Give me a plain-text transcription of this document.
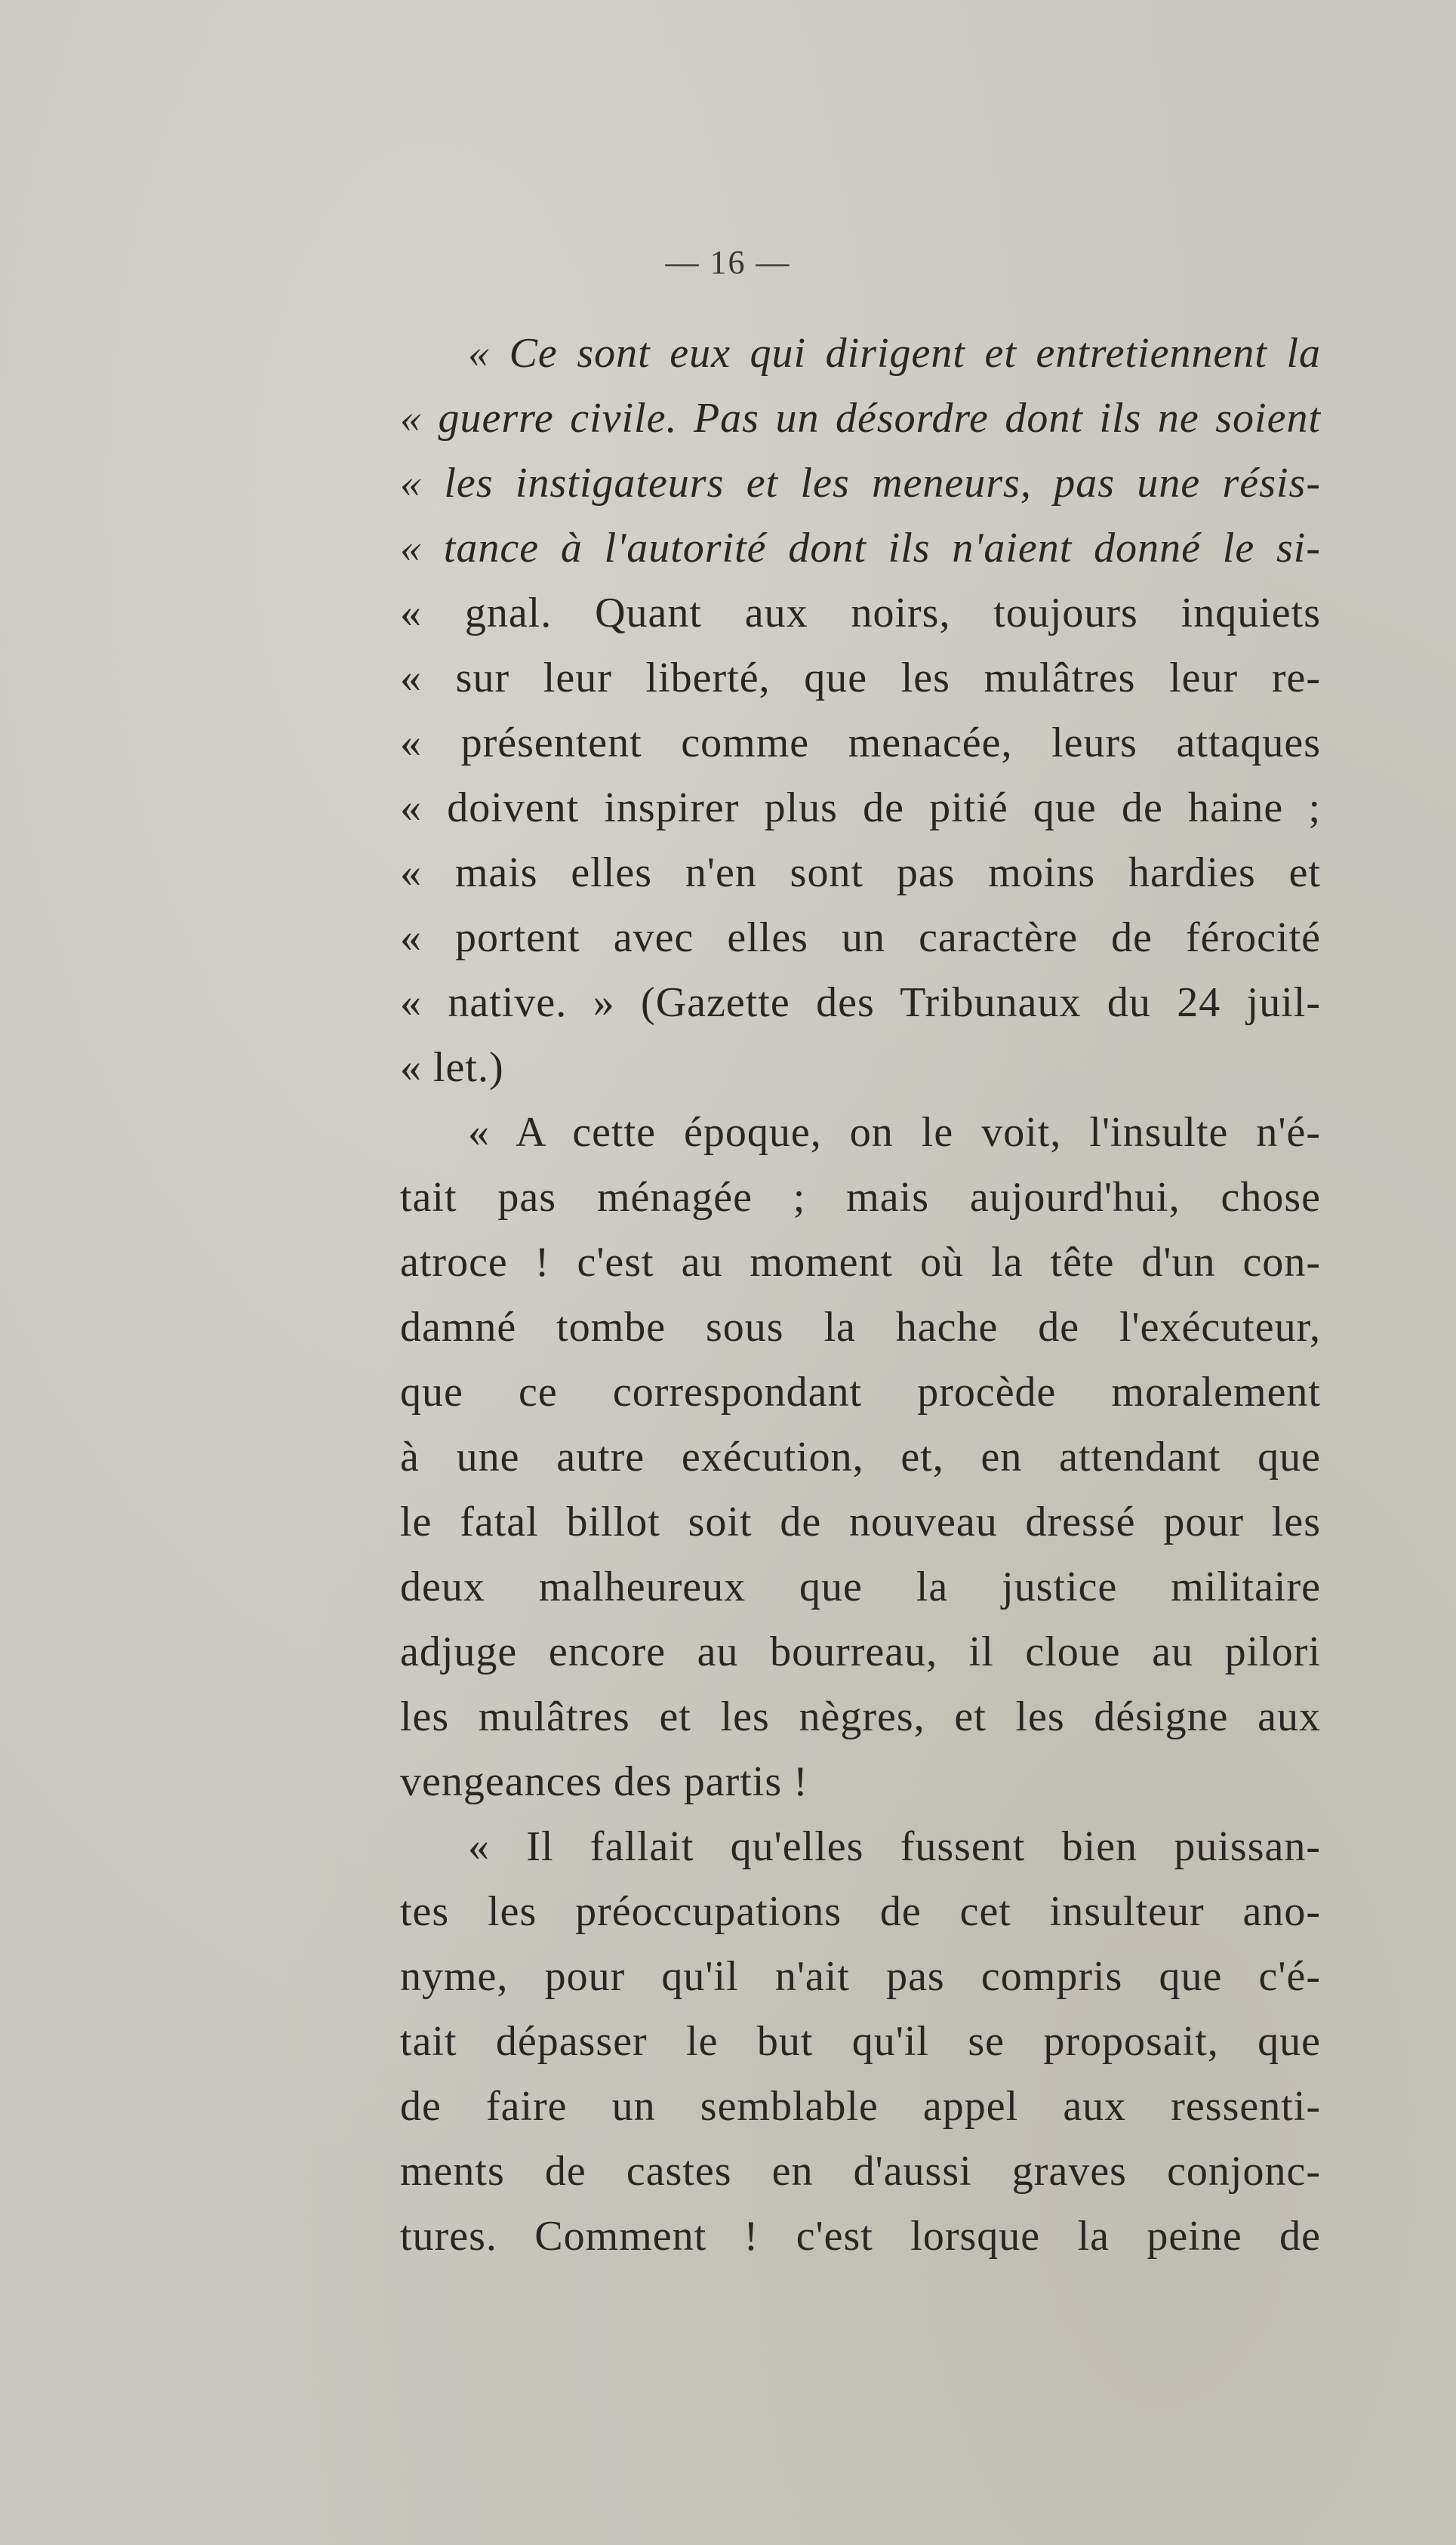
— 16 —
« Ce sont eux qui dirigent et entretiennent la
« guerre civile. Pas un désordre dont ils ne soient
« les instigateurs et les meneurs, pas une résis-
« tance à l'autorité dont ils n'aient donné le si-
« gnal. Quant aux noirs, toujours inquiets
« sur leur liberté, que les mulâtres leur re-
« présentent comme menacée, leurs attaques
« doivent inspirer plus de pitié que de haine ;
« mais elles n'en sont pas moins hardies et
« portent avec elles un caractère de férocité
« native. » (Gazette des Tribunaux du 24 juil-
« let.)
« A cette époque, on le voit, l'insulte n'é-
tait pas ménagée ; mais aujourd'hui, chose
atroce ! c'est au moment où la tête d'un con-
damné tombe sous la hache de l'exécuteur,
que ce correspondant procède moralement
à une autre exécution, et, en attendant que
le fatal billot soit de nouveau dressé pour les
deux malheureux que la justice militaire
adjuge encore au bourreau, il cloue au pilori
les mulâtres et les nègres, et les désigne aux
vengeances des partis !
« Il fallait qu'elles fussent bien puissan-
tes les préoccupations de cet insulteur ano-
nyme, pour qu'il n'ait pas compris que c'é-
tait dépasser le but qu'il se proposait, que
de faire un semblable appel aux ressenti-
ments de castes en d'aussi graves conjonc-
tures. Comment ! c'est lorsque la peine de
